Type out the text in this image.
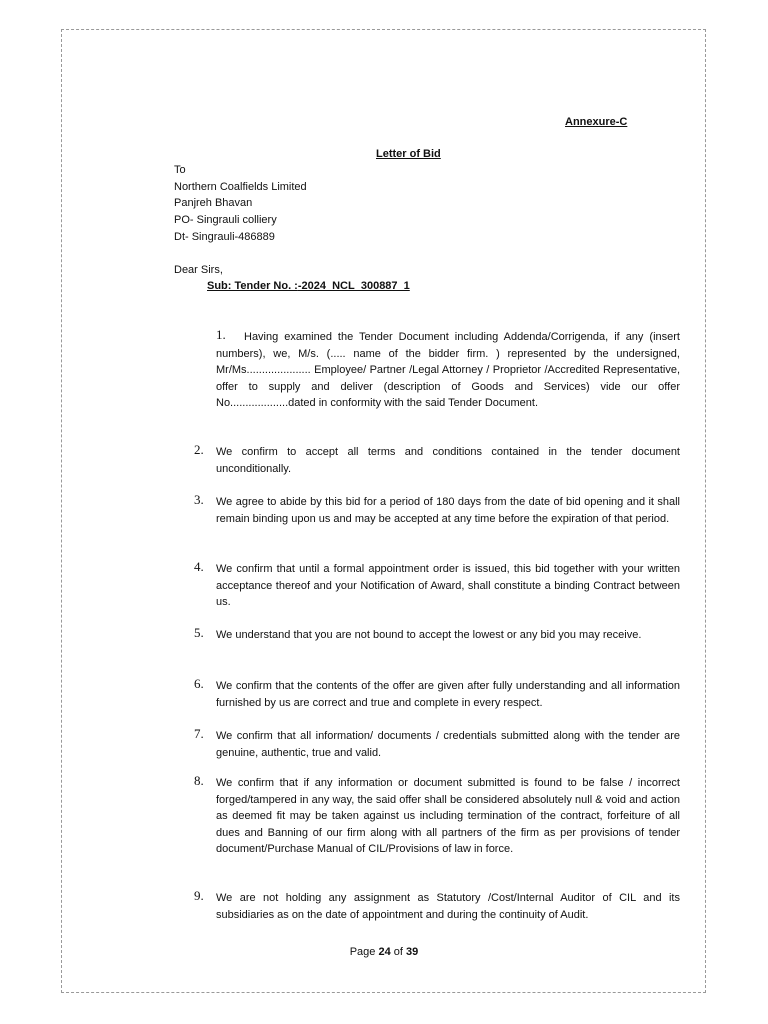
Annexure-C
Letter of Bid
To
Northern Coalfields Limited
Panjreh Bhavan
PO- Singrauli colliery
Dt- Singrauli-486889
Dear Sirs,
Sub: Tender No. :-2024_NCL_300887_1
1.	Having examined the Tender Document including Addenda/Corrigenda, if any (insert numbers), we, M/s. (..... name of the bidder firm. ) represented by the undersigned, Mr/Ms..................... Employee/ Partner /Legal Attorney / Proprietor /Accredited Representative, offer to supply and deliver (description of Goods and Services) vide our offer No...................dated in conformity with the said Tender Document.
2. We confirm to accept all terms and conditions contained in the tender document unconditionally.
3. We agree to abide by this bid for a period of 180 days from the date of bid opening and it shall remain binding upon us and may be accepted at any time before the expiration of that period.
4. We confirm that until a formal appointment order is issued, this bid together with your written acceptance thereof and your Notification of Award, shall constitute a binding Contract between us.
5. We understand that you are not bound to accept the lowest or any bid you may receive.
6. We confirm that the contents of the offer are given after fully understanding and all information furnished by us are correct and true and complete in every respect.
7. We confirm that all information/ documents / credentials submitted along with the tender are genuine, authentic, true and valid.
8. We confirm that if any information or document submitted is found to be false / incorrect forged/tampered in any way, the said offer shall be considered absolutely null & void and action as deemed fit may be taken against us including termination of the contract, forfeiture of all dues and Banning of our firm along with all partners of the firm as per provisions of tender document/Purchase Manual of CIL/Provisions of law in force.
9. We are not holding any assignment as Statutory /Cost/Internal Auditor of CIL and its subsidiaries as on the date of appointment and during the continuity of Audit.
Page 24 of 39
